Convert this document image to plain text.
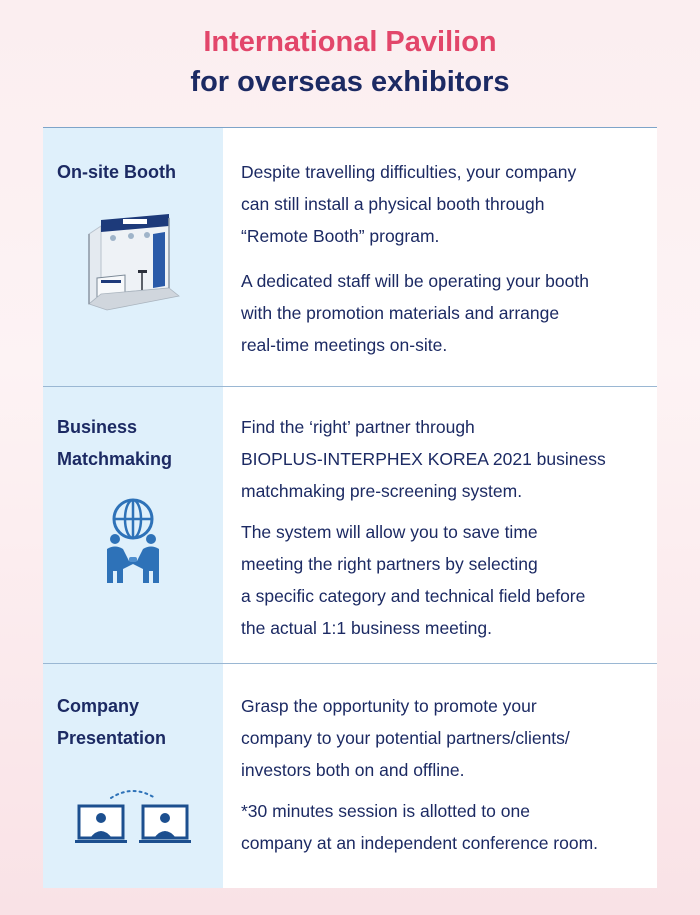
International Pavilion
for overseas exhibitors
On-site Booth	Despite travelling difficulties, your company
can still install a physical booth through
“Remote Booth” program.

A dedicated staff will be operating your booth
with the promotion materials and arrange
real-time meetings on-site.

Business
Matchmaking

Find the ‘right’ partner through
BIOPLUS-INTERPHEX KOREA 2021 business
matchmaking pre-screening system.

The system will allow you to save time
meeting the right partners by selecting
a specific category and technical field before
the actual 1:1 business meeting.

Company
Presentation

Grasp the opportunity to promote your
company to your potential partners/clients/
investors both on and offline.

*30 minutes session is allotted to one
company at an independent conference room.
